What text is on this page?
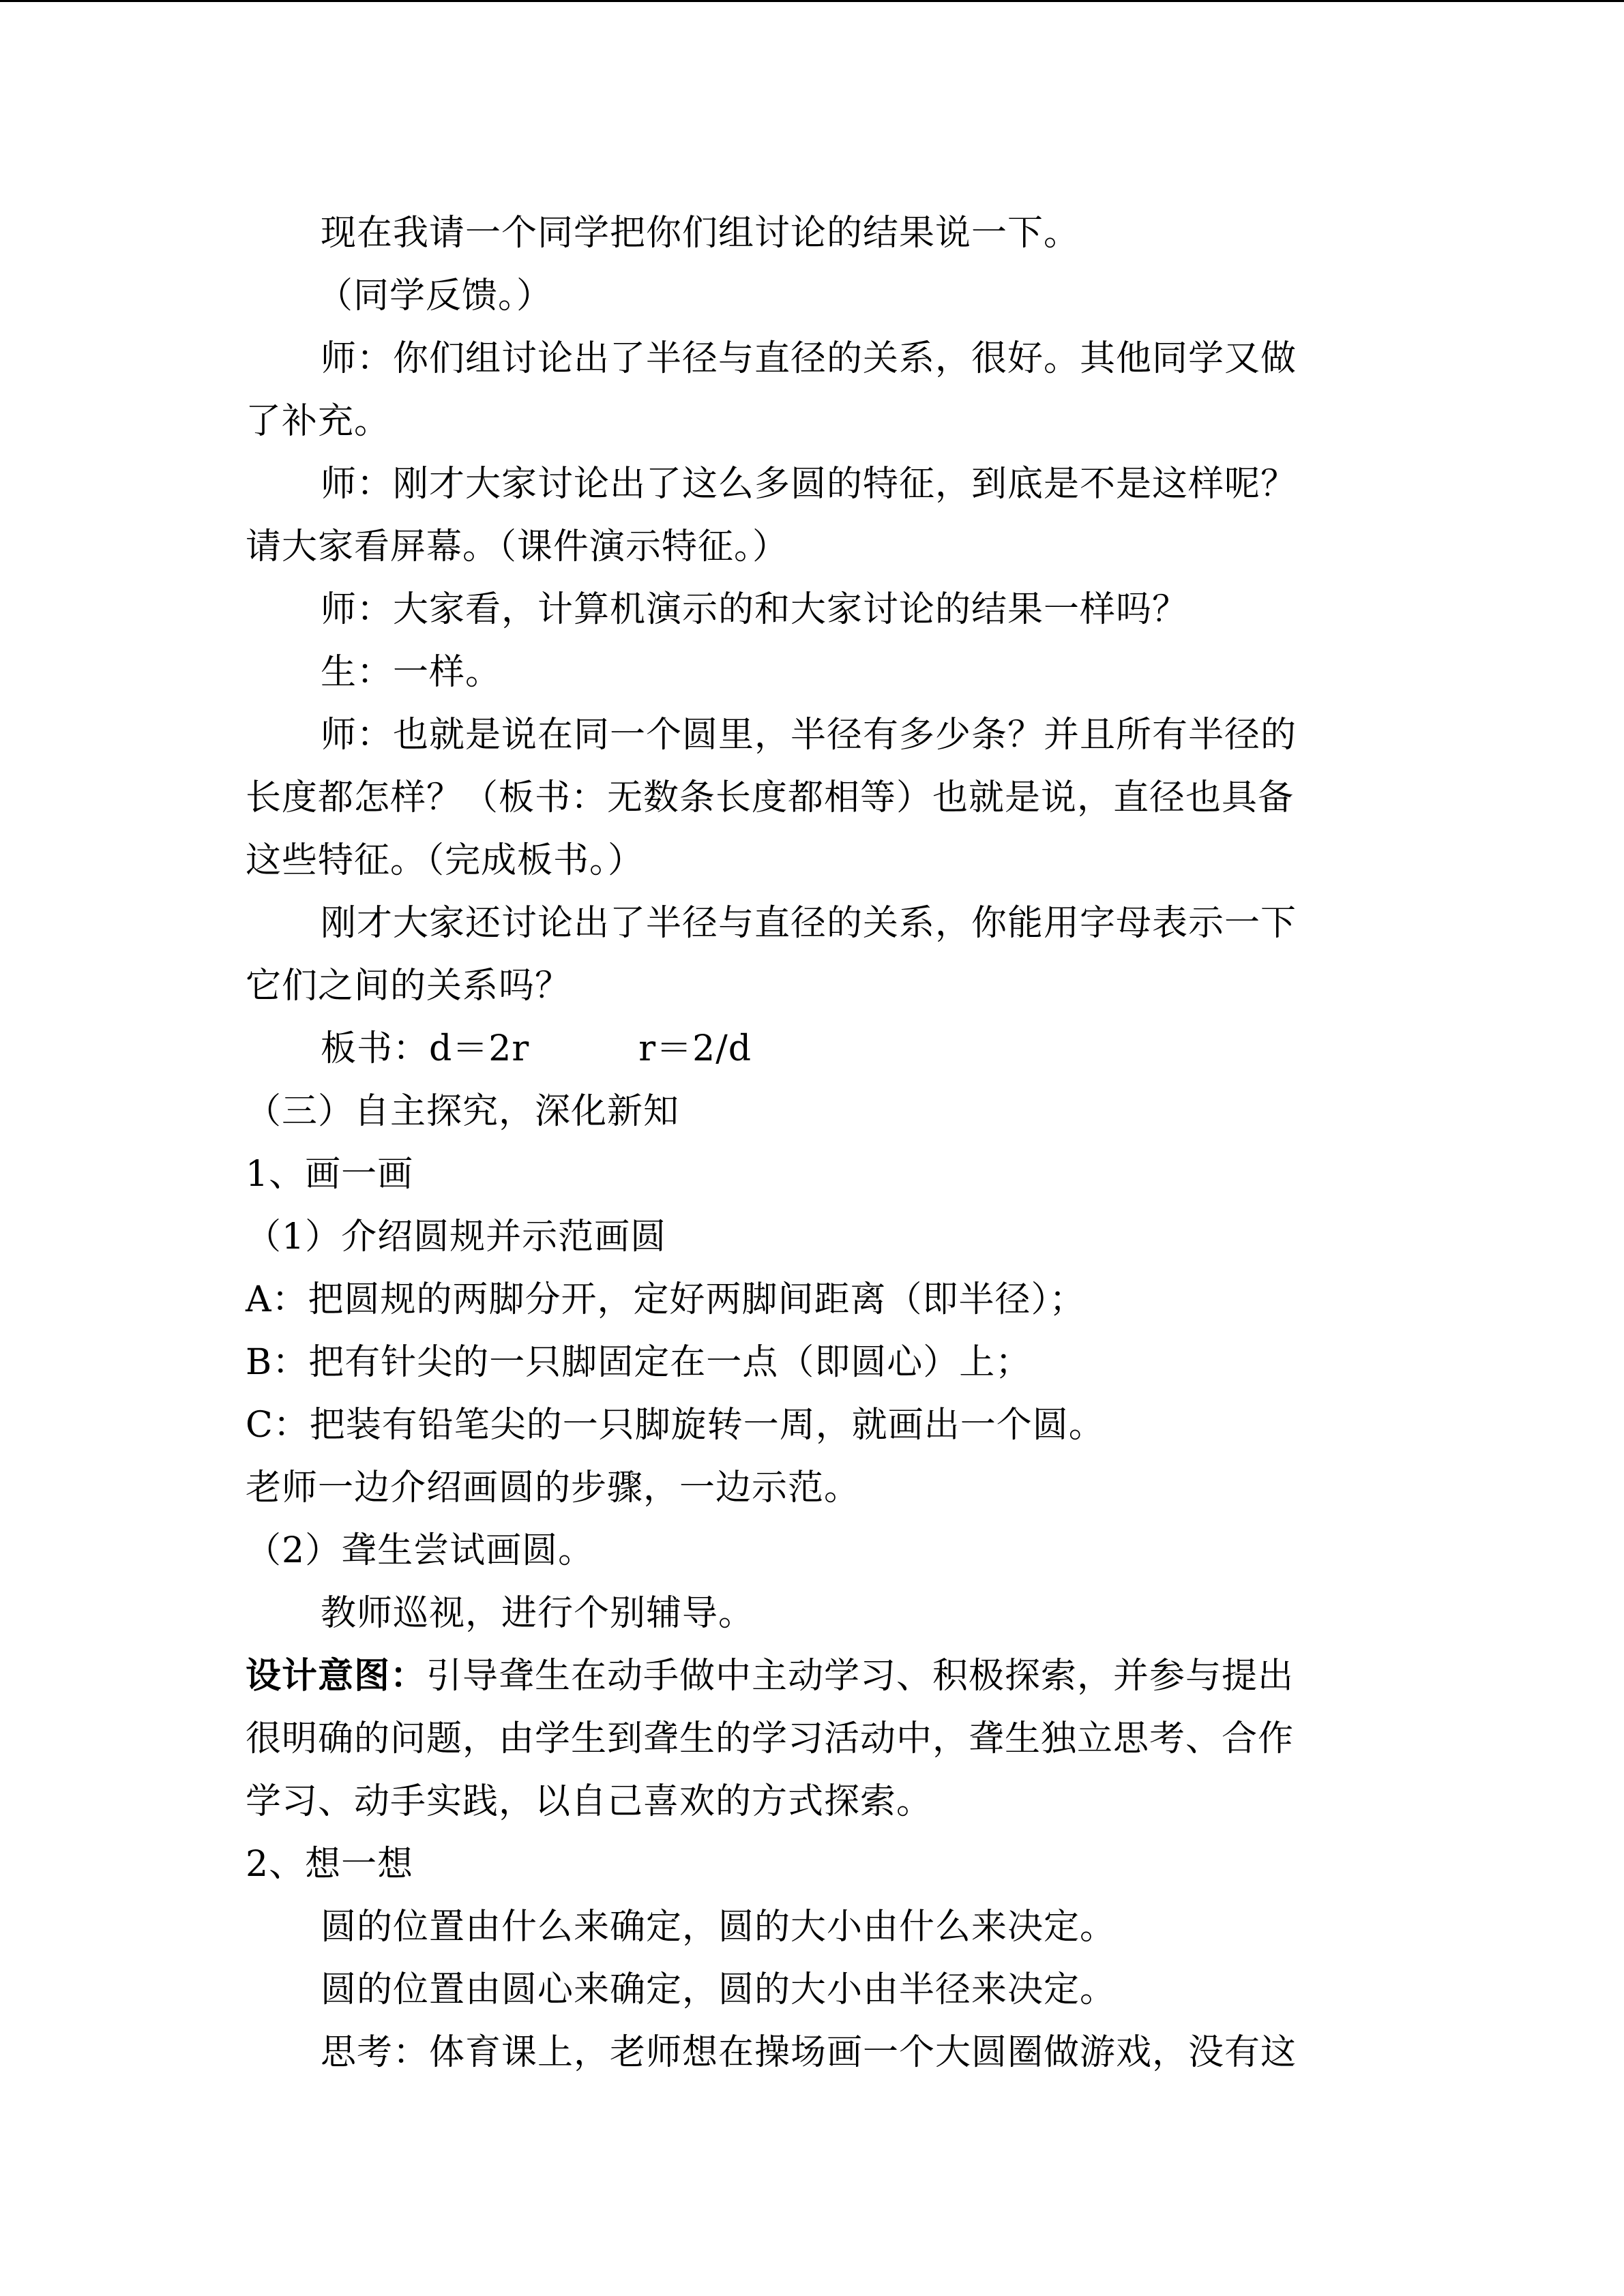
现在我请一个同学把你们组讨论的结果说一下。
（同学反馈。）
师：你们组讨论出了半径与直径的关系，很好。其他同学又做
了补充。
师：刚才大家讨论出了这么多圆的特征，到底是不是这样呢？
请大家看屏幕。（课件演示特征。）
师：大家看，计算机演示的和大家讨论的结果一样吗？
生：一样。
师：也就是说在同一个圆里，半径有多少条？并且所有半径的
长度都怎样？（板书：无数条长度都相等）也就是说，直径也具备
这些特征。（完成板书。）
刚才大家还讨论出了半径与直径的关系，你能用字母表示一下
它们之间的关系吗？
板书：d＝2r	r＝2/d
（三）自主探究，深化新知
1、画一画
（1）介绍圆规并示范画圆
A：把圆规的两脚分开，定好两脚间距离（即半径）；
B：把有针尖的一只脚固定在一点（即圆心）上；
C：把装有铅笔尖的一只脚旋转一周，就画出一个圆。
老师一边介绍画圆的步骤，一边示范。
（2）聋生尝试画圆。
教师巡视，进行个别辅导。
设计意图：引导聋生在动手做中主动学习、积极探索，并参与提出
很明确的问题，由学生到聋生的学习活动中，聋生独立思考、合作
学习、动手实践，以自己喜欢的方式探索。
2、想一想
圆的位置由什么来确定，圆的大小由什么来决定。
圆的位置由圆心来确定，圆的大小由半径来决定。
思考：体育课上，老师想在操场画一个大圆圈做游戏，没有这
